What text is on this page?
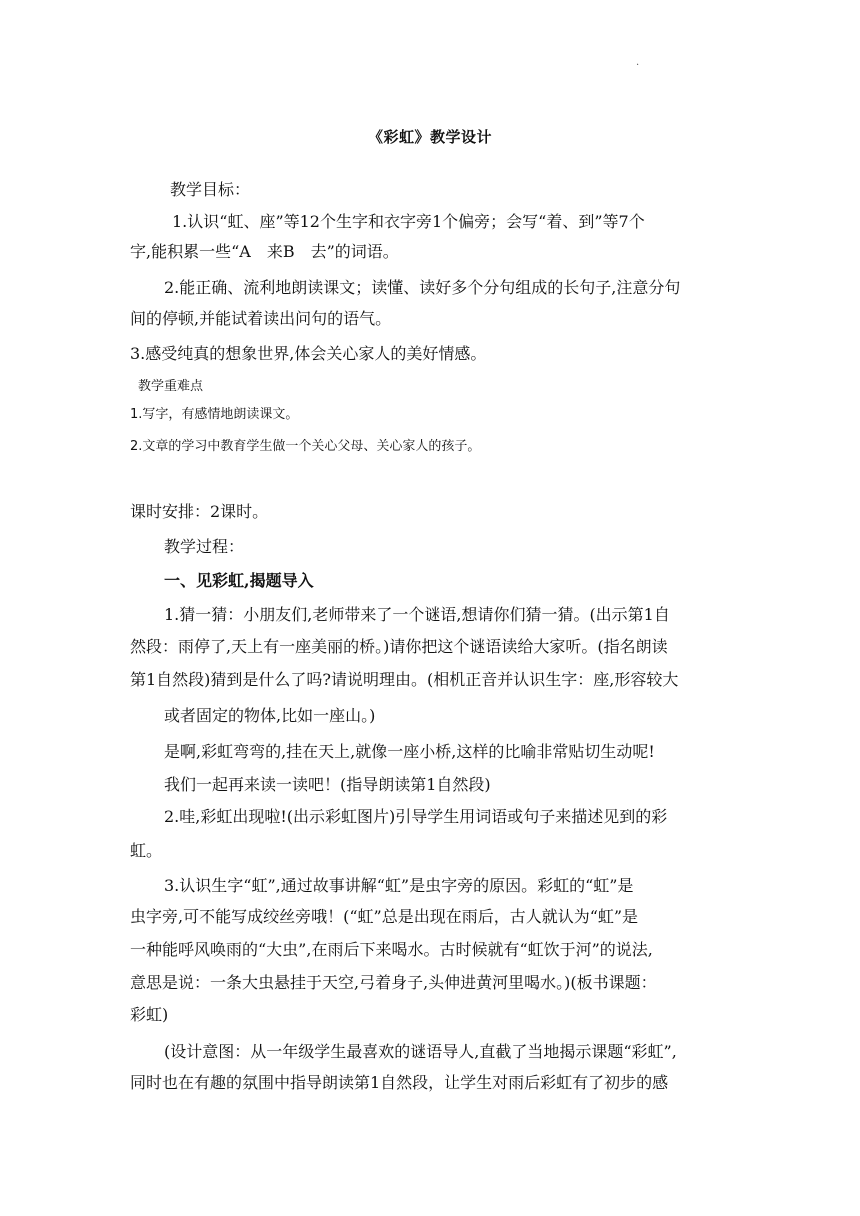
.
《彩虹》教学设计
教学目标：
1.认识“虹、座”等12个生字和衣字旁1个偏旁；会写“着、到”等7个
字,能积累一些“A　来B　去”的词语。
2.能正确、流利地朗读课文；读懂、读好多个分句组成的长句子,注意分句
间的停顿,并能试着读出问句的语气。
3.感受纯真的想象世界,体会关心家人的美好情感。
教学重难点
1.写字，有感情地朗读课文。
2.文章的学习中教育学生做一个关心父母、关心家人的孩子。
课时安排：2课时。
教学过程：
一、见彩虹,揭题导入
1.猜一猜：小朋友们,老师带来了一个谜语,想请你们猜一猜。(出示第1自
然段：雨停了,天上有一座美丽的桥。)请你把这个谜语读给大家听。(指名朗读
第1自然段)猜到是什么了吗?请说明理由。(相机正音并认识生字：座,形容较大
或者固定的物体,比如一座山。)
是啊,彩虹弯弯的,挂在天上,就像一座小桥,这样的比喻非常贴切生动呢!
我们一起再来读一读吧！(指导朗读第1自然段)
2.哇,彩虹出现啦!(出示彩虹图片)引导学生用词语或句子来描述见到的彩
虹。
3.认识生字“虹”,通过故事讲解“虹”是虫字旁的原因。彩虹的“虹”是
虫字旁,可不能写成绞丝旁哦！(“虹”总是出现在雨后，古人就认为“虹”是
一种能呼风唤雨的“大虫”,在雨后下来喝水。古时候就有“虹饮于河”的说法,
意思是说：一条大虫悬挂于天空,弓着身子,头伸进黄河里喝水。)(板书课题：
彩虹)
(设计意图：从一年级学生最喜欢的谜语导人,直截了当地揭示课题“彩虹”,
同时也在有趣的氛围中指导朗读第1自然段，让学生对雨后彩虹有了初步的感
